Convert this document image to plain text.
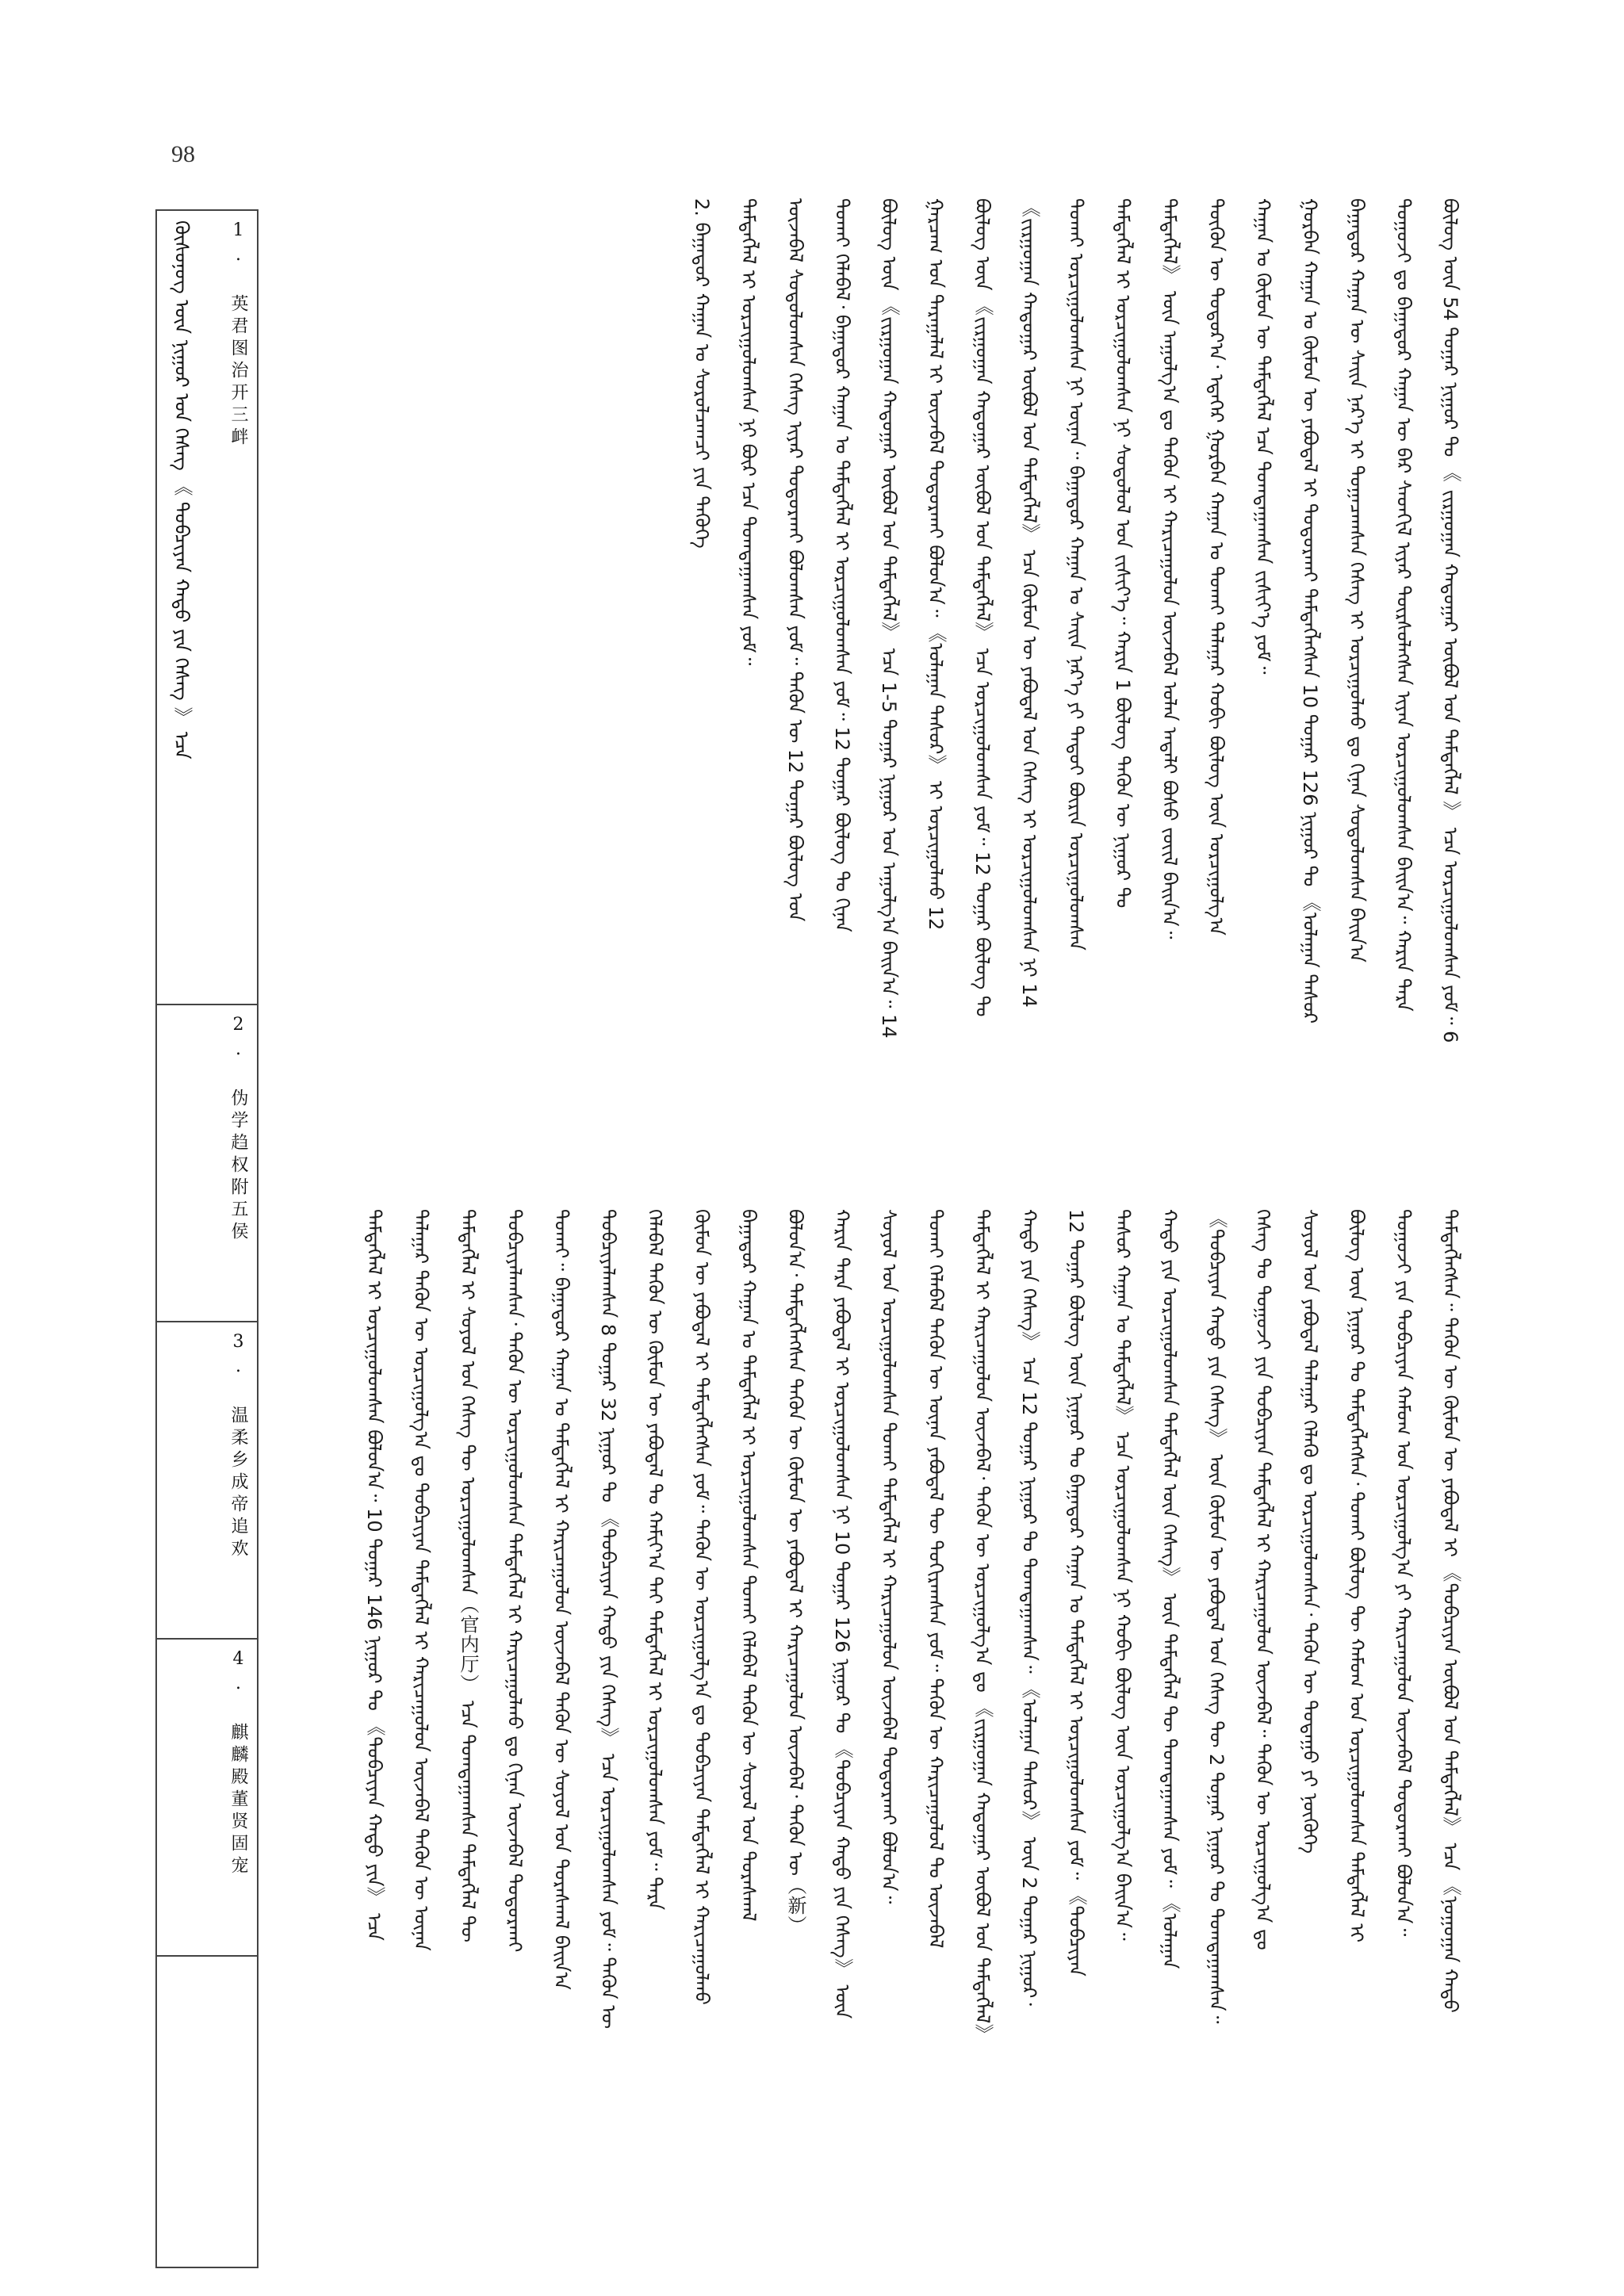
98
ᠪᠦᠯᠦᠭ ᠦᠨ 54 ᠳᠤᠭᠠᠷ ᠨᠢᠭᠤᠷ ᠲᠤ 《 ᠵᠢᠷᠭᠤᠭᠠᠨ ᠬᠠᠳᠤᠭᠠᠷ ᠦᠪᠦᠯ ᠤᠨ ᠲᠡᠮᠳᠡᠭᠯᠡᠯ 》 ᠡᠴᠡ ᠣᠷᠴᠢᠭᠤᠯᠤᠭᠰᠠᠨ ᠶᠤᠮ᠃ 6
ᠲᠤᠭᠤᠵᠢ ᠳᠤ ᠪᠠᠭᠠᠳᠤᠷ ᠬᠠᠭᠠᠨ ᠦ ᠪᠠᠷ ᠰᠡᠳᠬᠢᠯ ᠢᠶᠡᠷ ᠳᠦᠷᠰᠦᠯᠡᠭᠰᠡᠨ ᠢᠶᠡᠨ ᠣᠷᠴᠢᠭᠤᠯᠤᠭᠰᠠᠨ ᠪᠠᠢᠨ᠎ᠠ᠃ ᠬᠠᠷᠢᠨ ᠲᠡᠷᠡ
ᠪᠠᠭᠠᠳᠤᠷ ᠬᠠᠭᠠᠨ ᠦ ᠰᠠᠢᠨ ᠨᠡᠷ᠎ᠡ ᠢ ᠲᠣᠭᠠᠴᠠᠭᠰᠠᠨ ᠬᠡᠰᠡᠭ ᠢ ᠣᠷᠴᠢᠭᠤᠯᠬᠤ ᠳᠤ ᠬᠢᠨᠠᠨ ᠰᠤᠳᠤᠯᠤᠭᠰᠠᠨ ᠪᠠᠢᠨ᠎ᠠ
ᠭᠤᠷᠪᠠᠨ ᠬᠠᠭᠠᠨ ᠤ ᠬᠦᠮᠦᠨ ᠦ ᠶᠠᠪᠤᠳᠠᠯ ᠢ ᠲᠣᠳᠣᠷᠬᠠᠢ ᠲᠡᠮᠳᠡᠭᠯᠡᠭᠰᠡᠨ 10 ᠳᠤᠭᠠᠷ 126 ᠨᠢᠭᠤᠷ ᠲᠤ 《ᠤᠯᠠᠭᠠᠨ ᠲᠠᠰᠤᠷ
ᠬᠠᠭᠠᠨ ᠤ ᠬᠦᠮᠦᠨ ᠦ ᠲᠡᠮᠳᠡᠭᠯᠡᠯ ᠡᠴᠡ ᠲᠣᠭᠲᠠᠭᠠᠭᠰᠠᠨ ᠵᠢᠱᠢᠶ᠎ᠡ ᠶᠤᠮ᠃
ᠲᠦᠭᠦᠨ ᠦ ᠳᠣᠲᠣᠷ᠎ᠠ᠂ ᠡᠳᠡᠭᠡᠷ ᠭᠤᠷᠪᠠᠨ ᠬᠠᠭᠠᠨ ᠤ ᠲᠤᠬᠠᠢ ᠲᠠᠯᠠᠭᠠᠷ ᠬᠤᠪᠢ ᠪᠦᠯᠦᠭ ᠦᠨ ᠣᠷᠴᠢᠭᠤᠯᠭ᠎ᠠ
ᠲᠡᠮᠳᠡᠭᠯᠡᠯ》 ᠦᠨ ᠠᠭᠤᠯᠭ᠎ᠠ ᠳᠤ ᠲᠡᠭᠦᠨ ᠢ ᠬᠠᠷᠢᠴᠠᠭᠤᠯᠤᠨ ᠦᠵᠡᠪᠡᠯ ᠣᠯᠠᠨ ᠠᠳᠠᠯᠢ ᠪᠤᠰᠤ ᠵᠦᠢᠯ ᠪᠠᠢᠨ᠎ᠠ᠃
ᠲᠡᠮᠳᠡᠭᠯᠡᠯ ᠢ ᠣᠷᠴᠢᠭᠤᠯᠤᠭᠰᠠᠨ ᠨᠢ ᠰᠤᠳᠤᠯᠤᠯ ᠤᠨ ᠵᠢᠱᠢᠶ᠎ᠡ᠃ ᠬᠠᠷᠢᠨ 1 ᠪᠦᠯᠦᠭ ᠲᠡᠭᠦᠨ ᠦ ᠨᠢᠭᠤᠷ ᠲᠤ
ᠲᠤᠬᠠᠢ ᠣᠷᠴᠢᠭᠤᠯᠤᠭᠰᠠᠨ ᠨᠢ ᠦᠨᠡᠨ᠃ ᠪᠠᠭᠠᠳᠤᠷ ᠬᠠᠭᠠᠨ ᠤ ᠰᠠᠢᠨ ᠨᠡᠷ᠎ᠡ ᠶᠢ ᠲᠡᠳᠦᠢ ᠪᠦᠷᠢᠨ ᠣᠷᠴᠢᠭᠤᠯᠤᠭᠰᠠᠨ
《ᠵᠢᠷᠭᠤᠭᠠᠨ ᠬᠠᠳᠤᠭᠠᠷ ᠦᠪᠦᠯ ᠤᠨ ᠲᠡᠮᠳᠡᠭᠯᠡᠯ》 ᠡᠴᠡ ᠬᠦᠮᠦᠨ ᠦ ᠶᠠᠪᠤᠳᠠᠯ ᠤᠨ ᠬᠡᠰᠡᠭ ᠢ ᠣᠷᠴᠢᠭᠤᠯᠤᠭᠰᠠᠨ ᠨᠢ 14
ᠪᠦᠯᠦᠭ ᠦᠨ 《ᠵᠢᠷᠭᠤᠭᠠᠨ ᠬᠠᠳᠤᠭᠠᠷ ᠦᠪᠦᠯ ᠤᠨ ᠲᠡᠮᠳᠡᠭᠯᠡᠯ》 ᠡᠴᠡ ᠣᠷᠴᠢᠭᠤᠯᠤᠭᠰᠠᠨ ᠶᠤᠮ᠃ 12 ᠳᠤᠭᠠᠷ ᠪᠦᠯᠦᠭ ᠲᠤ
ᠭᠠᠷᠴᠠᠭ ᠤᠨ ᠳᠠᠷᠠᠭᠠᠯᠠᠯ ᠢ ᠦᠵᠡᠪᠡᠯ ᠲᠣᠳᠣᠷᠬᠠᠢ ᠪᠣᠯᠤᠨ᠎ᠠ᠃ 《ᠤᠯᠠᠭᠠᠨ ᠲᠠᠰᠤᠷ》 ᠢ ᠣᠷᠴᠢᠭᠤᠯᠬᠤ 12
ᠪᠦᠯᠦᠭ ᠦᠨ 《ᠵᠢᠷᠭᠤᠭᠠᠨ ᠬᠠᠳᠤᠭᠠᠷ ᠦᠪᠦᠯ ᠤᠨ ᠲᠡᠮᠳᠡᠭᠯᠡᠯ》 ᠡᠴᠡ 1-5 ᠳᠤᠭᠠᠷ ᠨᠢᠭᠤᠷ ᠤᠨ ᠠᠭᠤᠯᠭ᠎ᠠ ᠪᠠᠢᠨ᠎ᠠ᠃ 14
ᠲᠤᠬᠠᠢ ᠬᠡᠯᠡᠪᠡᠯ᠂ ᠪᠠᠭᠠᠳᠤᠷ ᠬᠠᠭᠠᠨ ᠤ ᠲᠡᠮᠳᠡᠭᠯᠡᠯ ᠢ ᠣᠷᠴᠢᠭᠤᠯᠤᠭᠰᠠᠨ ᠶᠤᠮ᠃ 12 ᠳᠤᠭᠠᠷ ᠪᠦᠯᠦᠭ ᠲᠤ ᠬᠢᠨᠠᠨ
ᠦᠵᠡᠪᠡᠯ ᠰᠤᠳᠤᠯᠤᠭᠰᠠᠨ ᠬᠡᠰᠡᠭ ᠢᠶᠡᠷ ᠲᠣᠳᠣᠷᠬᠠᠢ ᠪᠣᠯᠤᠭᠰᠠᠨ ᠶᠤᠮ᠃ ᠲᠡᠭᠦᠨ ᠦ 12 ᠳᠤᠭᠠᠷ ᠪᠦᠯᠦᠭ ᠤᠨ
ᠲᠡᠮᠳᠡᠭᠯᠡᠯ ᠢ ᠣᠷᠴᠢᠭᠤᠯᠤᠭᠰᠠᠨ ᠨᠢ ᠪᠦᠷ ᠡᠴᠡ ᠲᠣᠭᠲᠠᠭᠠᠭᠰᠠᠨ ᠶᠤᠮ᠃
2. ᠪᠠᠭᠠᠳᠤᠷ ᠬᠠᠭᠠᠨ ᠤ ᠰᠤᠷᠤᠯᠴᠠᠭᠴᠢ ᠶᠢᠨ ᠲᠡᠭᠦᠬᠡ
ᠲᠡᠮᠳᠡᠭᠯᠡᠭᠰᠡᠨ᠃ ᠲᠡᠭᠦᠨ ᠦ ᠬᠦᠮᠦᠨ ᠦ ᠶᠠᠪᠤᠳᠠᠯ ᠢ 《ᠲᠣᠪᠴᠢᠶᠠᠨ ᠦᠪᠦᠯ ᠤᠨ ᠲᠡᠮᠳᠡᠭᠯᠡᠯ》 ᠡᠴᠡ 《ᠨᠤᠭᠤᠭᠠᠨ ᠬᠠᠳᠤ
ᠲᠤᠭᠤᠵᠢ ᠶᠢᠨ ᠲᠣᠪᠴᠢᠶᠠᠨ ᠬᠠᠮᠤᠭ ᠤᠨ ᠣᠷᠴᠢᠭᠤᠯᠭ᠎ᠠ ᠶᠢ ᠬᠠᠷᠢᠴᠠᠭᠤᠯᠤᠨ ᠦᠵᠡᠪᠡᠯ ᠲᠣᠳᠣᠷᠬᠠᠢ ᠪᠣᠯᠤᠨ᠎ᠠ᠃
ᠪᠦᠯᠦᠭ ᠦᠨ ᠨᠢᠭᠤᠷ ᠲᠤ ᠲᠡᠮᠳᠡᠭᠯᠡᠭᠰᠡᠨ᠂ ᠲᠤᠬᠠᠢ ᠪᠦᠯᠦᠭ ᠲᠦ ᠬᠠᠮᠤᠭ ᠤᠨ ᠣᠷᠴᠢᠭᠤᠯᠤᠭᠰᠠᠨ ᠲᠡᠮᠳᠡᠭᠯᠡᠯ ᠢ
ᠰᠣᠶᠣᠯ ᠤᠨ ᠶᠠᠪᠤᠳᠠᠯ ᠲᠠᠯᠠᠭᠠᠷ ᠬᠡᠯᠡᠬᠦ ᠳᠤ ᠣᠷᠴᠢᠭᠤᠯᠤᠭᠰᠠᠨ᠂ ᠲᠡᠭᠦᠨ ᠦ ᠳᠤᠲᠠᠭᠤ ᠶᠢ ᠨᠥᠭᠥᠭᠡ
ᠬᠡᠰᠡᠭ ᠲᠤ ᠲᠤᠭᠤᠵᠢ ᠶᠢᠨ ᠲᠣᠪᠴᠢᠶᠠᠨ ᠲᠡᠮᠳᠡᠭᠯᠡᠯ ᠢ ᠬᠠᠷᠢᠴᠠᠭᠤᠯᠤᠨ ᠦᠵᠡᠪᠡᠯ᠃ ᠲᠡᠭᠦᠨ ᠦ ᠣᠷᠴᠢᠭᠤᠯᠭ᠎ᠠ ᠳᠤ
《ᠲᠣᠪᠴᠢᠶᠠᠨ ᠬᠠᠳᠤ ᠶᠢᠨ ᠬᠡᠰᠡᠭ》 ᠦᠨ ᠬᠦᠮᠦᠨ ᠦ ᠶᠠᠪᠤᠳᠠᠯ ᠤᠨ ᠬᠡᠰᠡᠭ ᠲᠦ 2 ᠳᠤᠭᠠᠷ ᠨᠢᠭᠤᠷ ᠲᠤ ᠲᠣᠭᠲᠠᠭᠠᠭᠰᠠᠨ᠃
ᠬᠠᠳᠤ ᠶᠢᠨ ᠣᠷᠴᠢᠭᠤᠯᠤᠭᠰᠠᠨ ᠲᠡᠮᠳᠡᠭᠯᠡᠯ ᠦᠨ ᠬᠡᠰᠡᠭ》 ᠦᠨ ᠲᠡᠮᠳᠡᠭᠯᠡᠯ ᠲᠦ ᠲᠣᠭᠲᠠᠭᠠᠭᠰᠠᠨ ᠶᠤᠮ᠃ 《ᠤᠯᠠᠭᠠᠨ
ᠲᠠᠰᠤᠷ ᠬᠠᠭᠠᠨ ᠤ ᠲᠡᠮᠳᠡᠭᠯᠡᠯ》 ᠡᠴᠡ ᠣᠷᠴᠢᠭᠤᠯᠤᠭᠰᠠᠨ ᠨᠢ ᠬᠤᠪᠢ ᠪᠦᠯᠦᠭ ᠦᠨ ᠣᠷᠴᠢᠭᠤᠯᠭ᠎ᠠ ᠪᠠᠢᠨ᠎ᠠ᠃
12 ᠳᠤᠭᠠᠷ ᠪᠦᠯᠦᠭ ᠦᠨ ᠨᠢᠭᠤᠷ ᠲᠤ ᠪᠠᠭᠠᠳᠤᠷ ᠬᠠᠭᠠᠨ ᠤ ᠲᠡᠮᠳᠡᠭᠯᠡᠯ ᠢ ᠣᠷᠴᠢᠭᠤᠯᠤᠭᠰᠠᠨ ᠶᠤᠮ᠃ 《ᠲᠣᠪᠴᠢᠶᠠᠨ
ᠬᠠᠳᠤ ᠶᠢᠨ ᠬᠡᠰᠡᠭ》 ᠡᠴᠡ 12 ᠳᠤᠭᠠᠷ ᠨᠢᠭᠤᠷ ᠲᠤ ᠲᠣᠭᠲᠠᠭᠠᠭᠰᠠᠨ᠃ 《ᠤᠯᠠᠭᠠᠨ ᠲᠠᠰᠤᠷ》 ᠦᠨ 2 ᠳᠤᠭᠠᠷ ᠨᠢᠭᠤᠷ᠂
ᠲᠡᠮᠳᠡᠭᠯᠡᠯ ᠢ ᠬᠠᠷᠢᠴᠠᠭᠤᠯᠤᠨ ᠦᠵᠡᠪᠡᠯ᠂ ᠲᠡᠭᠦᠨ ᠦ ᠣᠷᠴᠢᠭᠤᠯᠭ᠎ᠠ ᠳᠤ 《ᠵᠢᠷᠭᠤᠭᠠᠨ ᠬᠠᠳᠤᠭᠠᠷ ᠦᠪᠦᠯ ᠤᠨ ᠲᠡᠮᠳᠡᠭᠯᠡᠯ》
ᠲᠤᠬᠠᠢ ᠬᠡᠯᠡᠪᠡᠯ ᠲᠡᠭᠦᠨ ᠦ ᠦᠨᠡᠨ ᠶᠠᠪᠤᠳᠠᠯ ᠲᠦ ᠲᠣᠬᠢᠷᠠᠭᠰᠠᠨ ᠶᠤᠮ᠃ ᠲᠡᠭᠦᠨ ᠦ ᠬᠠᠷᠢᠴᠠᠭᠤᠯᠤᠯ ᠲᠤ ᠦᠵᠡᠪᠡᠯ
ᠰᠣᠶᠣᠯ ᠤᠨ ᠣᠷᠴᠢᠭᠤᠯᠤᠭᠰᠠᠨ ᠲᠤᠬᠠᠢ ᠲᠡᠮᠳᠡᠭᠯᠡᠯ ᠢ ᠬᠠᠷᠢᠴᠠᠭᠤᠯᠤᠨ ᠦᠵᠡᠪᠡᠯ ᠲᠣᠳᠣᠷᠬᠠᠢ ᠪᠣᠯᠤᠨ᠎ᠠ᠃
ᠬᠠᠷᠢᠨ ᠲᠡᠷᠡ ᠶᠠᠪᠤᠳᠠᠯ ᠢ ᠣᠷᠴᠢᠭᠤᠯᠤᠭᠰᠠᠨ ᠨᠢ 10 ᠳᠤᠭᠠᠷ 126 ᠨᠢᠭᠤᠷ ᠲᠤ 《ᠲᠣᠪᠴᠢᠶᠠᠨ ᠬᠠᠳᠤ ᠶᠢᠨ ᠬᠡᠰᠡᠭ》 ᠦᠨ
ᠪᠣᠯᠤᠨ᠎ᠠ᠂ ᠲᠡᠮᠳᠡᠭᠯᠡᠭᠰᠡᠨ ᠲᠡᠭᠦᠨ ᠦ ᠬᠦᠮᠦᠨ ᠦ ᠶᠠᠪᠤᠳᠠᠯ ᠢ ᠬᠠᠷᠢᠴᠠᠭᠤᠯᠤᠨ ᠦᠵᠡᠪᠡᠯ᠂ ᠲᠡᠭᠦᠨ ᠦ（新）
ᠪᠠᠭᠠᠳᠤᠷ ᠬᠠᠭᠠᠨ ᠤ ᠲᠡᠮᠳᠡᠭᠯᠡᠯ ᠢ ᠣᠷᠴᠢᠭᠤᠯᠤᠭᠰᠠᠨ ᠲᠤᠬᠠᠢ ᠬᠡᠯᠡᠪᠡᠯ ᠲᠡᠭᠦᠨ ᠦ ᠰᠣᠶᠣᠯ ᠤᠨ ᠳᠤᠷᠠᠰᠬᠠᠯ
ᠬᠦᠮᠦᠨ ᠦ ᠶᠠᠪᠤᠳᠠᠯ ᠢ ᠲᠡᠮᠳᠡᠭᠯᠡᠭᠰᠡᠨ ᠶᠤᠮ᠃ ᠲᠡᠭᠦᠨ ᠦ ᠣᠷᠴᠢᠭᠤᠯᠭ᠎ᠠ ᠳᠤ ᠲᠣᠪᠴᠢᠶᠠᠨ ᠲᠡᠮᠳᠡᠭᠯᠡᠯ ᠢ ᠬᠠᠷᠢᠴᠠᠭᠤᠯᠬᠤ
ᠬᠡᠯᠡᠪᠡᠯ ᠲᠡᠭᠦᠨ ᠦ ᠬᠦᠮᠦᠨ ᠦ ᠶᠠᠪᠤᠳᠠᠯ ᠲᠤ ᠬᠠᠮᠢᠶ᠎ᠠ ᠲᠠᠢ ᠲᠡᠮᠳᠡᠭᠯᠡᠯ ᠢ ᠣᠷᠴᠢᠭᠤᠯᠤᠭᠰᠠᠨ ᠶᠤᠮ᠃ ᠲᠡᠷᠡ
ᠲᠣᠪᠴᠢᠶᠠᠯᠠᠭᠰᠠᠨ 8 ᠳᠤᠭᠠᠷ 32 ᠨᠢᠭᠤᠷ ᠲᠤ 《ᠲᠣᠪᠴᠢᠶᠠᠨ ᠬᠠᠳᠤ ᠶᠢᠨ ᠬᠡᠰᠡᠭ》 ᠡᠴᠡ ᠣᠷᠴᠢᠭᠤᠯᠤᠭᠰᠠᠨ ᠶᠤᠮ᠃ ᠲᠡᠭᠦᠨ ᠦ
ᠲᠤᠬᠠᠢ᠃ ᠪᠠᠭᠠᠳᠤᠷ ᠬᠠᠭᠠᠨ ᠤ ᠲᠡᠮᠳᠡᠭᠯᠡᠯ ᠢ ᠬᠠᠷᠢᠴᠠᠭᠤᠯᠤᠨ ᠦᠵᠡᠪᠡᠯ ᠲᠡᠭᠦᠨ ᠦ ᠰᠣᠶᠣᠯ ᠤᠨ ᠳᠤᠷᠠᠰᠬᠠᠯ ᠪᠠᠢᠨ᠎ᠠ
ᠲᠣᠪᠴᠢᠶᠠᠯᠠᠭᠰᠠᠨ᠂ ᠲᠡᠭᠦᠨ ᠦ ᠣᠷᠴᠢᠭᠤᠯᠤᠭᠰᠠᠨ ᠲᠡᠮᠳᠡᠭᠯᠡᠯ ᠢ ᠬᠠᠷᠢᠴᠠᠭᠤᠯᠬᠤ ᠳᠤ ᠬᠢᠨᠠᠨ ᠦᠵᠡᠪᠡᠯ ᠲᠣᠳᠣᠷᠬᠠᠢ
ᠲᠡᠮᠳᠡᠭᠯᠡᠯ ᠢ ᠰᠣᠶᠣᠯ ᠤᠨ ᠬᠡᠰᠡᠭ ᠲᠦ ᠣᠷᠴᠢᠭᠤᠯᠤᠭᠰᠠᠨ（官内厅） ᠡᠴᠡ ᠲᠣᠭᠲᠠᠭᠠᠭᠰᠠᠨ ᠲᠡᠮᠳᠡᠭᠯᠡᠯ ᠲᠦ
ᠲᠠᠯᠠᠭᠠᠷ ᠲᠡᠭᠦᠨ ᠦ ᠣᠷᠴᠢᠭᠤᠯᠭ᠎ᠠ ᠳᠤ ᠲᠣᠪᠴᠢᠶᠠᠨ ᠲᠡᠮᠳᠡᠭᠯᠡᠯ ᠢ ᠬᠠᠷᠢᠴᠠᠭᠤᠯᠤᠨ ᠦᠵᠡᠪᠡᠯ ᠲᠡᠭᠦᠨ ᠦ ᠦᠨᠡᠨ
ᠲᠡᠮᠳᠡᠭᠯᠡᠯ ᠢ ᠣᠷᠴᠢᠭᠤᠯᠤᠭᠰᠠᠨ ᠪᠣᠯᠤᠨ᠎ᠠ᠃ 10 ᠳᠤᠭᠠᠷ 146 ᠨᠢᠭᠤᠷ ᠲᠤ 《ᠲᠣᠪᠴᠢᠶᠠᠨ ᠬᠠᠳᠤ ᠶᠢᠨ》 ᠡᠴᠡ
ᠬᠦᠰᠦᠨᠦᠭ ᠦᠨ ᠨᠢᠭᠤᠷ ᠤᠨ ᠬᠡᠰᠡᠭ 《 ᠲᠣᠪᠴᠢᠶᠠᠨ ᠬᠠᠳᠤ ᠶᠢᠨ ᠬᠡᠰᠡᠭ 》 ᠡᠴᠡ	1. 英君图治开三衅
2. 伪学趋权附五侯
3. 温柔乡成帝追欢
4. 麒麟殿董贤固宠
